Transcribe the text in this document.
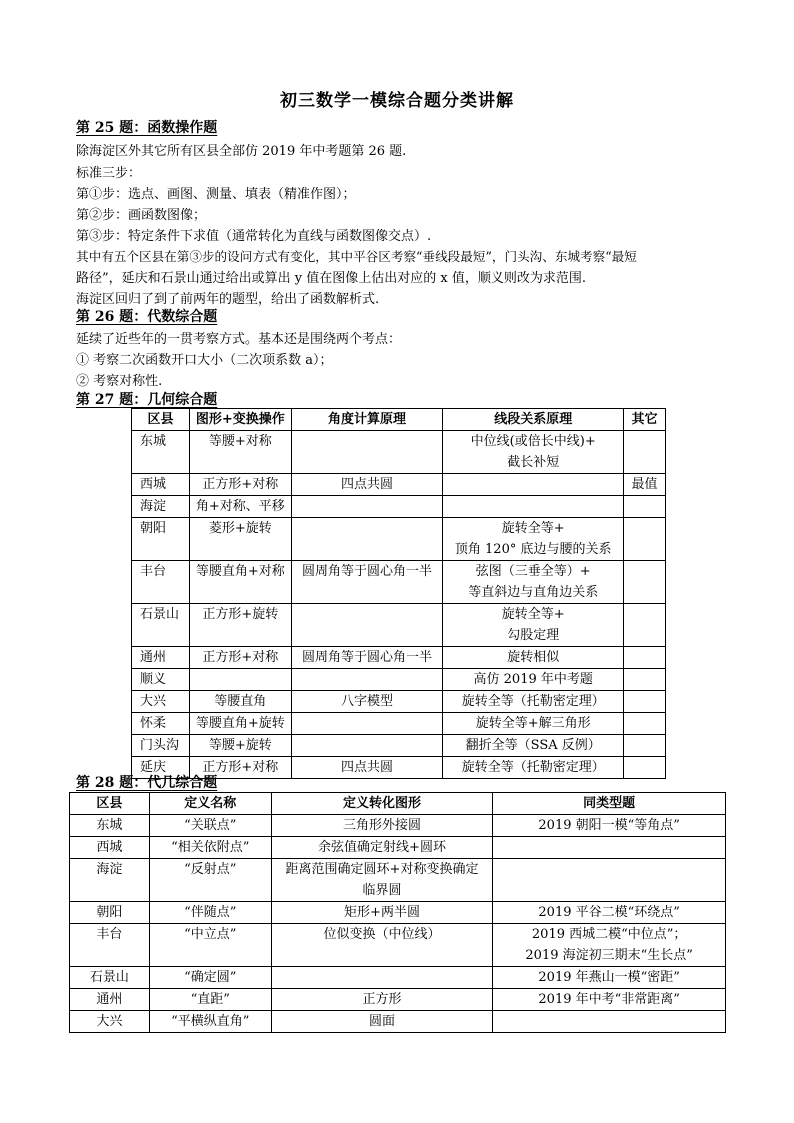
初三数学一模综合题分类讲解
第 25 题：函数操作题
除海淀区外其它所有区县全部仿 2019 年中考题第 26 题.
标准三步：
第①步：选点、画图、测量、填表（精准作图）；
第②步：画函数图像；
第③步：特定条件下求值（通常转化为直线与函数图像交点）.
其中有五个区县在第③步的设问方式有变化，其中平谷区考察“垂线段最短”，门头沟、东城考察“最短
路径”，延庆和石景山通过给出或算出 y 值在图像上估出对应的 x 值，顺义则改为求范围.
海淀区回归了到了前两年的题型，给出了函数解析式.
第 26 题：代数综合题
延续了近些年的一贯考察方式。基本还是围绕两个考点：
① 考察二次函数开口大小（二次项系数 a）；
② 考察对称性.
第 27 题：几何综合题
区县	图形+变换操作	角度计算原理	线段关系原理	其它
东城	等腰+对称		中位线(或倍长中线)+
截长补短	
西城	正方形+对称	四点共圆		最值
海淀	角+对称、平移			
朝阳	菱形+旋转		旋转全等+
顶角 120° 底边与腰的关系	
丰台	等腰直角+对称	圆周角等于圆心角一半	弦图（三垂全等）+
等直斜边与直角边关系	
石景山	正方形+旋转		旋转全等+
勾股定理	
通州	正方形+对称	圆周角等于圆心角一半	旋转相似	
顺义			高仿 2019 年中考题	
大兴	等腰直角	八字模型	旋转全等（托勒密定理）	
怀柔	等腰直角+旋转		旋转全等+解三角形	
门头沟	等腰+旋转		翻折全等（SSA 反例）	
延庆	正方形+对称	四点共圆	旋转全等（托勒密定理）	
第 28 题：代几综合题
区县	定义名称	定义转化图形	同类型题
东城	“关联点”	三角形外接圆	2019 朝阳一模“等角点”
西城	“相关依附点”	余弦值确定射线+圆环	
海淀	“反射点”	距离范围确定圆环+对称变换确定
临界圆	
朝阳	“伴随点”	矩形+两半圆	2019 平谷二模“环绕点”
丰台	“中立点”	位似变换（中位线）	2019 西城二模“中位点”；
2019 海淀初三期末“生长点”
石景山	“确定圆”		2019 年燕山一模“密距”
通州	“直距”	正方形	2019 年中考“非常距离”
大兴	“平横纵直角”	圆面	
